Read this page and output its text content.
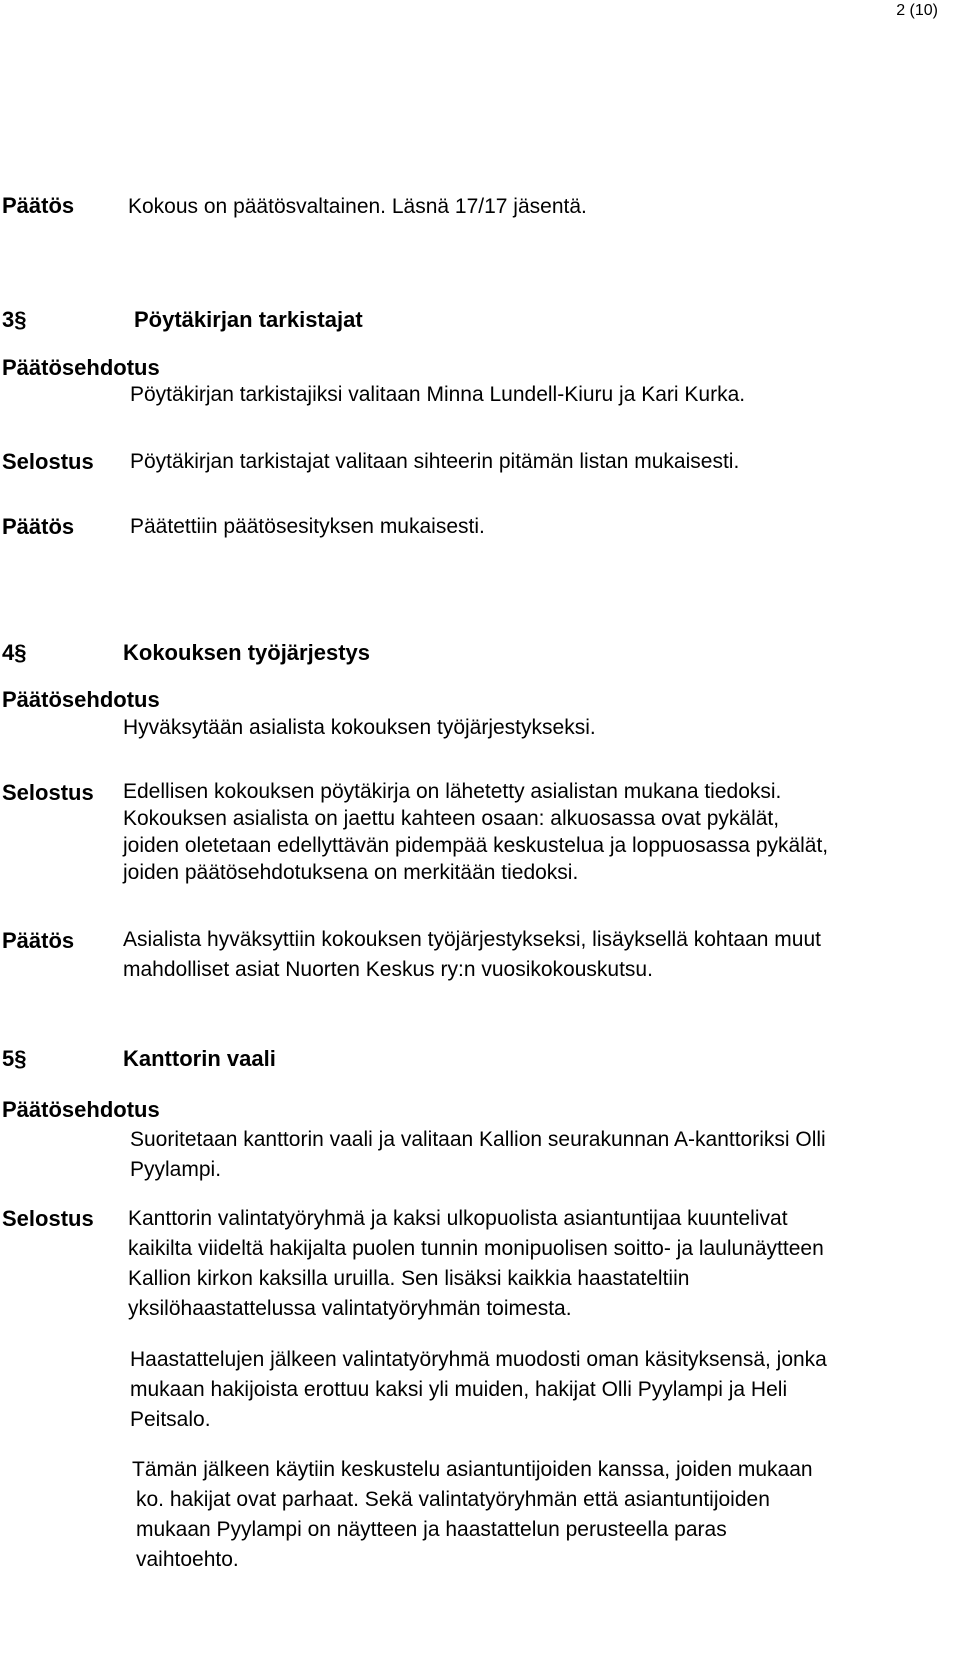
2 (10)
Päätös	Kokous on päätösvaltainen. Läsnä 17/17 jäsentä.
3§	Pöytäkirjan tarkistajat
Päätösehdotus
Pöytäkirjan tarkistajiksi valitaan Minna Lundell-Kiuru ja Kari Kurka.
Selostus Pöytäkirjan tarkistajat valitaan sihteerin pitämän listan mukaisesti.
Päätös	Päätettiin päätösesityksen mukaisesti.
4§	Kokouksen työjärjestys
Päätösehdotus
Hyväksytään asialista kokouksen työjärjestykseksi.
Selostus Edellisen kokouksen pöytäkirja on lähetetty asialistan mukana tiedoksi.
Kokouksen asialista on jaettu kahteen osaan: alkuosassa ovat pykälät,
joiden oletetaan edellyttävän pidempää keskustelua ja loppuosassa pykälät,
joiden päätösehdotuksena on merkitään tiedoksi.
Päätös Asialista hyväksyttiin kokouksen työjärjestykseksi, lisäyksellä kohtaan muut
mahdolliset asiat Nuorten Keskus ry:n vuosikokouskutsu.
5§	Kanttorin vaali
Päätösehdotus
Suoritetaan kanttorin vaali ja valitaan Kallion seurakunnan A-kanttoriksi Olli
Pyylampi.
Selostus Kanttorin valintatyöryhmä ja kaksi ulkopuolista asiantuntijaa kuuntelivat
kaikilta viideltä hakijalta puolen tunnin monipuolisen soitto- ja laulunäytteen
Kallion kirkon kaksilla uruilla. Sen lisäksi kaikkia haastateltiin
yksilöhaastattelussa valintatyöryhmän toimesta.
Haastattelujen jälkeen valintatyöryhmä muodosti oman käsityksensä, jonka
mukaan hakijoista erottuu kaksi yli muiden, hakijat Olli Pyylampi ja Heli
Peitsalo.
Tämän jälkeen käytiin keskustelu asiantuntijoiden kanssa, joiden mukaan
ko. hakijat ovat parhaat. Sekä valintatyöryhmän että asiantuntijoiden
mukaan Pyylampi on näytteen ja haastattelun perusteella paras
vaihtoehto.
